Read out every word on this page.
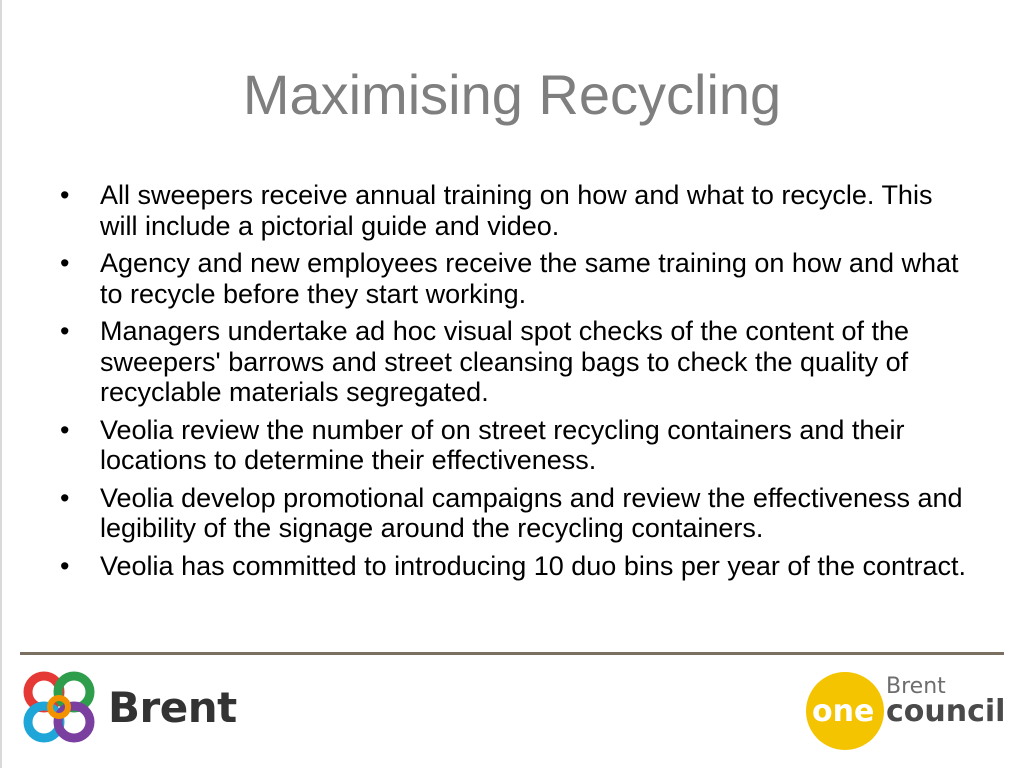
Maximising Recycling
• All sweepers receive annual training on how and what to recycle. This will include a pictorial guide and video.
• Agency and new employees receive the same training on how and what to recycle before they start working.
• Managers undertake ad hoc visual spot checks of the content of the sweepers' barrows and street cleansing bags to check the quality of recyclable materials segregated.
• Veolia review the number of on street recycling containers and their locations to determine their effectiveness.
• Veolia develop promotional campaigns and review the effectiveness and legibility of the signage around the recycling containers.
• Veolia has committed to introducing 10 duo bins per year of the contract.
Brent	Brent
one council
